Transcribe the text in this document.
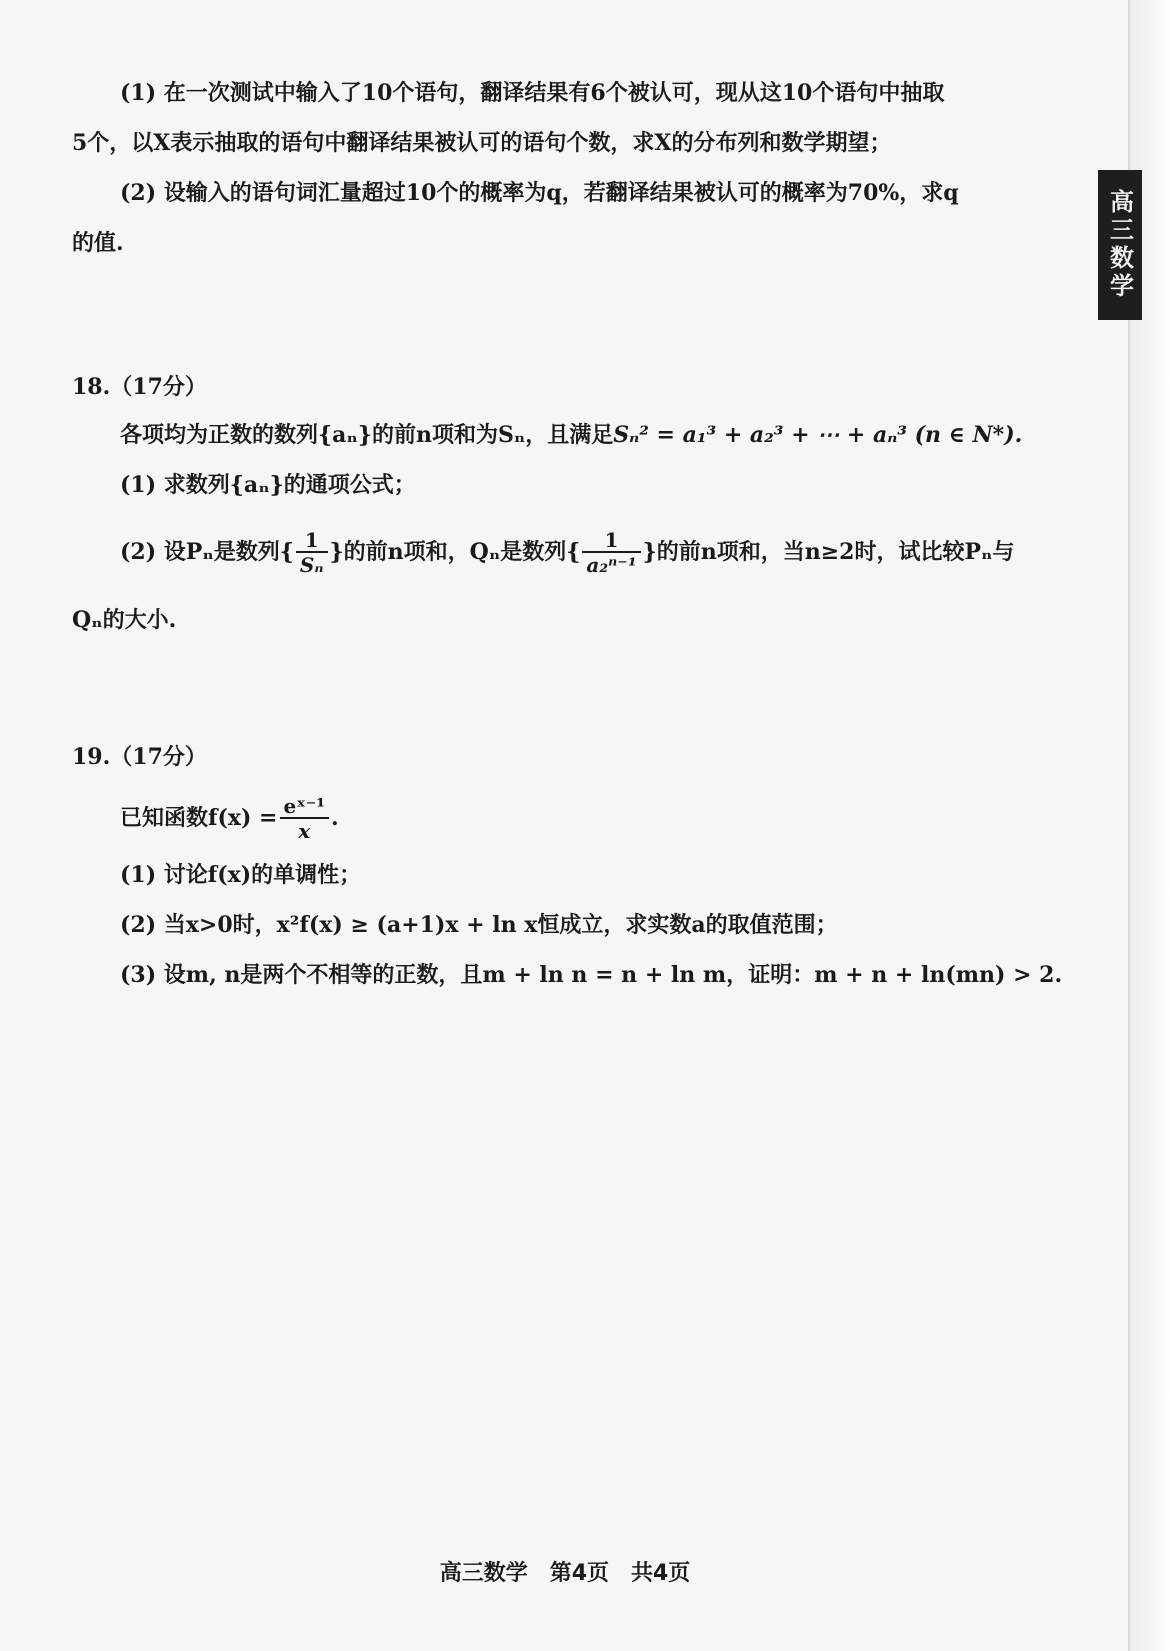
高三数学
(1) 在一次测试中输入了10个语句，翻译结果有6个被认可，现从这10个语句中抽取
5个，以X表示抽取的语句中翻译结果被认可的语句个数，求X的分布列和数学期望；
(2) 设输入的语句词汇量超过10个的概率为q，若翻译结果被认可的概率为70%，求q
的值.
18.（17分）
各项均为正数的数列{aₙ}的前n项和为Sₙ，且满足Sₙ² = a₁³ + a₂³ + ⋯ + aₙ³ (n ∈ N*).
(1) 求数列{aₙ}的通项公式；
(2) 设Pₙ是数列{ $\frac{1}{\text{Sₙ}}$ }的前n项和，Qₙ是数列{ $\frac{1}{\text{a₂ⁿ⁻¹}}$ }的前n项和，当n≥2时，试比较Pₙ与
Qₙ的大小.
19.（17分）
已知函数$f(x) = \frac{\text{eˣ⁻¹}}{x}$ .
(1) 讨论f(x)的单调性；
(2) 当x>0时，x²f(x) ≥ (a+1)x + ln x恒成立，求实数a的取值范围；
(3) 设m, n是两个不相等的正数，且m + ln n = n + ln m，证明：m + n + ln(mn) > 2.
高三数学　第4页　共4页
